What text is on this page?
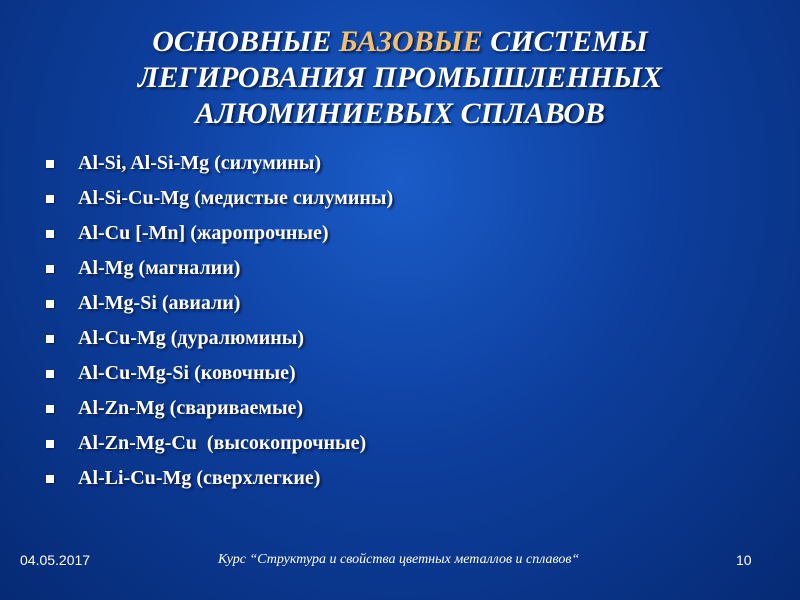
ОСНОВНЫЕ БАЗОВЫЕ СИСТЕМЫ
ЛЕГИРОВАНИЯ ПРОМЫШЛЕННЫХ
АЛЮМИНИЕВЫХ СПЛАВОВ
Al-Si, Al-Si-Mg (силумины)
Al-Si-Cu-Mg (медистые силумины)
Al-Cu [-Mn] (жаропрочные)
Al-Mg (магналии)
Al-Mg-Si (авиали)
Al-Cu-Mg (дуралюмины)
Al-Cu-Mg-Si (ковочные)
Al-Zn-Mg (свариваемые)
Al-Zn-Mg-Cu  (высокопрочные)
Al-Li-Cu-Mg (сверхлегкие)
04.05.2017	Курс “Структура и свойства цветных металлов и сплавов“	10
